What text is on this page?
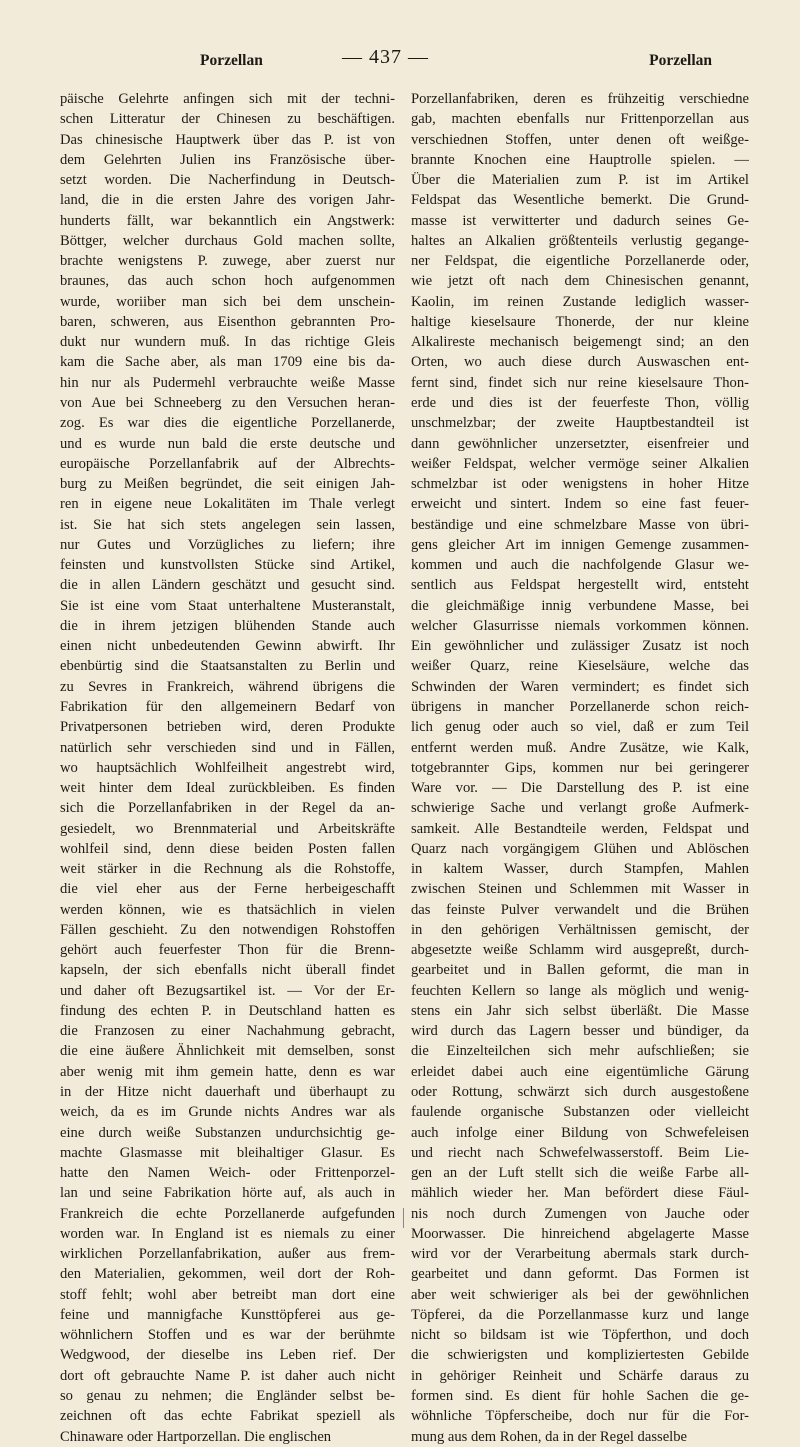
Porzellan	— 437 —	Porzellan
päische Gelehrte anfingen sich mit der techni-
schen Litteratur der Chinesen zu beschäftigen.
Das chinesische Hauptwerk über das P. ist von
dem Gelehrten Julien ins Französische über-
setzt worden. Die Nacherfindung in Deutsch-
land, die in die ersten Jahre des vorigen Jahr-
hunderts fällt, war bekanntlich ein Angstwerk:
Böttger, welcher durchaus Gold machen sollte,
brachte wenigstens P. zuwege, aber zuerst nur
braunes, das auch schon hoch aufgenommen
wurde, woriiber man sich bei dem unschein-
baren, schweren, aus Eisenthon gebrannten Pro-
dukt nur wundern muß. In das richtige Gleis
kam die Sache aber, als man 1709 eine bis da-
hin nur als Pudermehl verbrauchte weiße Masse
von Aue bei Schneeberg zu den Versuchen heran-
zog. Es war dies die eigentliche Porzellanerde,
und es wurde nun bald die erste deutsche und
europäische Porzellanfabrik auf der Albrechts-
burg zu Meißen begründet, die seit einigen Jah-
ren in eigene neue Lokalitäten im Thale verlegt
ist. Sie hat sich stets angelegen sein lassen,
nur Gutes und Vorzügliches zu liefern; ihre
feinsten und kunstvollsten Stücke sind Artikel,
die in allen Ländern geschätzt und gesucht sind.
Sie ist eine vom Staat unterhaltene Musteranstalt,
die in ihrem jetzigen blühenden Stande auch
einen nicht unbedeutenden Gewinn abwirft. Ihr
ebenbürtig sind die Staatsanstalten zu Berlin und
zu Sevres in Frankreich, während übrigens die
Fabrikation für den allgemeinern Bedarf von
Privatpersonen betrieben wird, deren Produkte
natürlich sehr verschieden sind und in Fällen,
wo hauptsächlich Wohlfeilheit angestrebt wird,
weit hinter dem Ideal zurückbleiben. Es finden
sich die Porzellanfabriken in der Regel da an-
gesiedelt, wo Brennmaterial und Arbeitskräfte
wohlfeil sind, denn diese beiden Posten fallen
weit stärker in die Rechnung als die Rohstoffe,
die viel eher aus der Ferne herbeigeschafft
werden können, wie es thatsächlich in vielen
Fällen geschieht. Zu den notwendigen Rohstoffen
gehört auch feuerfester Thon für die Brenn-
kapseln, der sich ebenfalls nicht überall findet
und daher oft Bezugsartikel ist. — Vor der Er-
findung des echten P. in Deutschland hatten es
die Franzosen zu einer Nachahmung gebracht,
die eine äußere Ähnlichkeit mit demselben, sonst
aber wenig mit ihm gemein hatte, denn es war
in der Hitze nicht dauerhaft und überhaupt zu
weich, da es im Grunde nichts Andres war als
eine durch weiße Substanzen undurchsichtig ge-
machte Glasmasse mit bleihaltiger Glasur. Es
hatte den Namen Weich- oder Frittenporzel-
lan und seine Fabrikation hörte auf, als auch in
Frankreich die echte Porzellanerde aufgefunden
worden war. In England ist es niemals zu einer
wirklichen Porzellanfabrikation, außer aus frem-
den Materialien, gekommen, weil dort der Roh-
stoff fehlt; wohl aber betreibt man dort eine
feine und mannigfache Kunsttöpferei aus ge-
wöhnlichern Stoffen und es war der berühmte
Wedgwood, der dieselbe ins Leben rief. Der
dort oft gebrauchte Name P. ist daher auch nicht
so genau zu nehmen; die Engländer selbst be-
zeichnen oft das echte Fabrikat speziell als
Chinaware oder Hartporzellan. Die englischen
Porzellanfabriken, deren es frühzeitig verschiedne
gab, machten ebenfalls nur Frittenporzellan aus
verschiednen Stoffen, unter denen oft weißge-
brannte Knochen eine Hauptrolle spielen. —
Über die Materialien zum P. ist im Artikel
Feldspat das Wesentliche bemerkt. Die Grund-
masse ist verwitterter und dadurch seines Ge-
haltes an Alkalien größtenteils verlustig gegange-
ner Feldspat, die eigentliche Porzellanerde oder,
wie jetzt oft nach dem Chinesischen genannt,
Kaolin, im reinen Zustande lediglich wasser-
haltige kieselsaure Thonerde, der nur kleine
Alkalireste mechanisch beigemengt sind; an den
Orten, wo auch diese durch Auswaschen ent-
fernt sind, findet sich nur reine kieselsaure Thon-
erde und dies ist der feuerfeste Thon, völlig
unschmelzbar; der zweite Hauptbestandteil ist
dann gewöhnlicher unzersetzter, eisenfreier und
weißer Feldspat, welcher vermöge seiner Alkalien
schmelzbar ist oder wenigstens in hoher Hitze
erweicht und sintert. Indem so eine fast feuer-
beständige und eine schmelzbare Masse von übri-
gens gleicher Art im innigen Gemenge zusammen-
kommen und auch die nachfolgende Glasur we-
sentlich aus Feldspat hergestellt wird, entsteht
die gleichmäßige innig verbundene Masse, bei
welcher Glasurrisse niemals vorkommen können.
Ein gewöhnlicher und zulässiger Zusatz ist noch
weißer Quarz, reine Kieselsäure, welche das
Schwinden der Waren vermindert; es findet sich
übrigens in mancher Porzellanerde schon reich-
lich genug oder auch so viel, daß er zum Teil
entfernt werden muß. Andre Zusätze, wie Kalk,
totgebrannter Gips, kommen nur bei geringerer
Ware vor. — Die Darstellung des P. ist eine
schwierige Sache und verlangt große Aufmerk-
samkeit. Alle Bestandteile werden, Feldspat und
Quarz nach vorgängigem Glühen und Ablöschen
in kaltem Wasser, durch Stampfen, Mahlen
zwischen Steinen und Schlemmen mit Wasser in
das feinste Pulver verwandelt und die Brühen
in den gehörigen Verhältnissen gemischt, der
abgesetzte weiße Schlamm wird ausgepreßt, durch-
gearbeitet und in Ballen geformt, die man in
feuchten Kellern so lange als möglich und wenig-
stens ein Jahr sich selbst überläßt. Die Masse
wird durch das Lagern besser und bündiger, da
die Einzelteilchen sich mehr aufschließen; sie
erleidet dabei auch eine eigentümliche Gärung
oder Rottung, schwärzt sich durch ausgestoßene
faulende organische Substanzen oder vielleicht
auch infolge einer Bildung von Schwefeleisen
und riecht nach Schwefelwasserstoff. Beim Lie-
gen an der Luft stellt sich die weiße Farbe all-
mählich wieder her. Man befördert diese Fäul-
nis noch durch Zumengen von Jauche oder
Moorwasser. Die hinreichend abgelagerte Masse
wird vor der Verarbeitung abermals stark durch-
gearbeitet und dann geformt. Das Formen ist
aber weit schwieriger als bei der gewöhnlichen
Töpferei, da die Porzellanmasse kurz und lange
nicht so bildsam ist wie Töpferthon, und doch
die schwierigsten und kompliziertesten Gebilde
in gehöriger Reinheit und Schärfe daraus zu
formen sind. Es dient für hohle Sachen die ge-
wöhnliche Töpferscheibe, doch nur für die For-
mung aus dem Rohen, da in der Regel dasselbe
